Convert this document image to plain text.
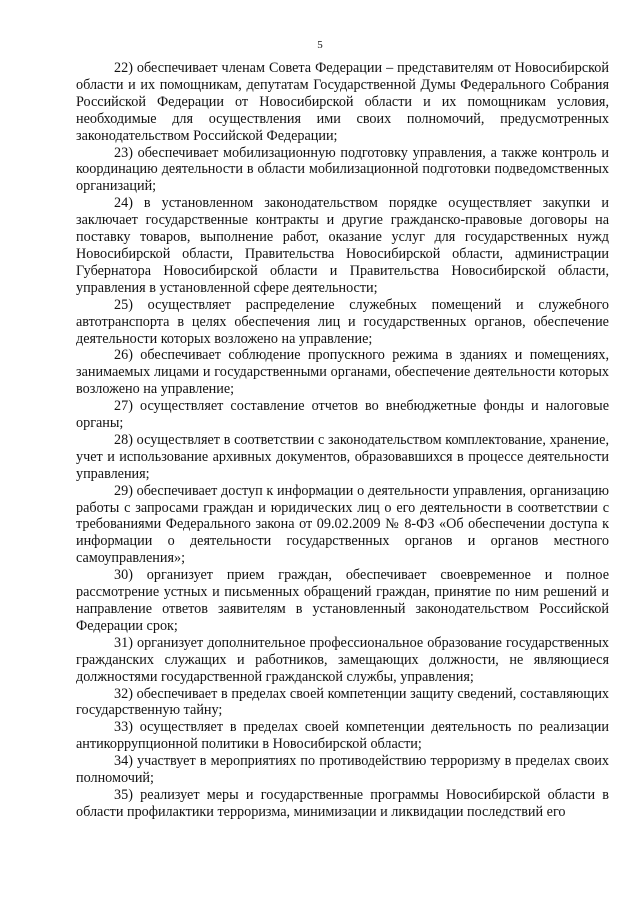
5

22) обеспечивает членам Совета Федерации – представителям от Новосибирской области и их помощникам, депутатам Государственной Думы Федерального Собрания Российской Федерации от Новосибирской области и их помощникам условия, необходимые для осуществления ими своих полномочий, предусмотренных законодательством Российской Федерации;

23) обеспечивает мобилизационную подготовку управления, а также контроль и координацию деятельности в области мобилизационной подготовки подведомственных организаций;

24) в установленном законодательством порядке осуществляет закупки и заключает государственные контракты и другие гражданско-правовые договоры на поставку товаров, выполнение работ, оказание услуг для государственных нужд Новосибирской области, Правительства Новосибирской области, администрации Губернатора Новосибирской области и Правительства Новосибирской области, управления в установленной сфере деятельности;

25) осуществляет распределение служебных помещений и служебного автотранспорта в целях обеспечения лиц и государственных органов, обеспечение деятельности которых возложено на управление;

26) обеспечивает соблюдение пропускного режима в зданиях и помещениях, занимаемых лицами и государственными органами, обеспечение деятельности которых возложено на управление;

27) осуществляет составление отчетов во внебюджетные фонды и налоговые органы;

28) осуществляет в соответствии с законодательством комплектование, хранение, учет и использование архивных документов, образовавшихся в процессе деятельности управления;

29) обеспечивает доступ к информации о деятельности управления, организацию работы с запросами граждан и юридических лиц о его деятельности в соответствии с требованиями Федерального закона от 09.02.2009 № 8-ФЗ «Об обеспечении доступа к информации о деятельности государственных органов и органов местного самоуправления»;

30) организует прием граждан, обеспечивает своевременное и полное рассмотрение устных и письменных обращений граждан, принятие по ним решений и направление ответов заявителям в установленный законодательством Российской Федерации срок;

31) организует дополнительное профессиональное образование государственных гражданских служащих и работников, замещающих должности, не являющиеся должностями государственной гражданской службы, управления;

32) обеспечивает в пределах своей компетенции защиту сведений, составляющих государственную тайну;

33) осуществляет в пределах своей компетенции деятельность по реализации антикоррупционной политики в Новосибирской области;

34) участвует в мероприятиях по противодействию терроризму в пределах своих полномочий;

35) реализует меры и государственные программы Новосибирской области в области профилактики терроризма, минимизации и ликвидации последствий его
